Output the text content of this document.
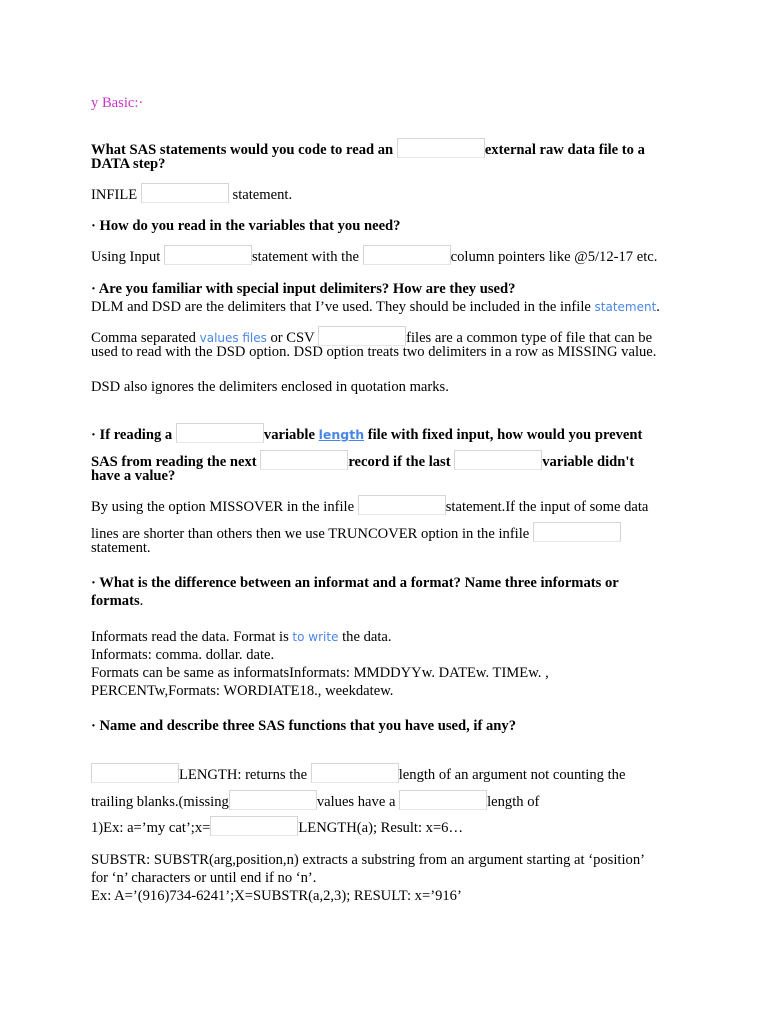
y Basic:·
What SAS statements would you code to read an	external raw data file to a
DATA step?
INFILE	statement.
· How do you read in the variables that you need?
Using Input	statement with the	column pointers like @5/12-17 etc.
· Are you familiar with special input delimiters? How are they used?
DLM and DSD are the delimiters that I’ve used. They should be included in the infile statement.
Comma separated values files or CSV	files are a common type of file that can be
used to read with the DSD option. DSD option treats two delimiters in a row as MISSING value.
DSD also ignores the delimiters enclosed in quotation marks.
· If reading a	variable length file with fixed input, how would you prevent
SAS from reading the next	record if the last	variable didn't
have a value?
By using the option MISSOVER in the infile	statement.If the input of some data
lines are shorter than others then we use TRUNCOVER option in the infile
statement.
· What is the difference between an informat and a format? Name three informats or
formats.
Informats read the data. Format is to write the data.
Informats: comma. dollar. date.
Formats can be same as informatsInformats: MMDDYYw. DATEw. TIMEw. ,
PERCENTw,Formats: WORDIATE18., weekdatew.
· Name and describe three SAS functions that you have used, if any?
LENGTH: returns the	length of an argument not counting the
trailing blanks.(missing	values have a	length of
1)Ex: a=’my cat’;x=	LENGTH(a); Result: x=6…
SUBSTR: SUBSTR(arg,position,n) extracts a substring from an argument starting at ‘position’
for ‘n’ characters or until end if no ‘n’.
Ex: A=’(916)734-6241’;X=SUBSTR(a,2,3); RESULT: x=’916’
